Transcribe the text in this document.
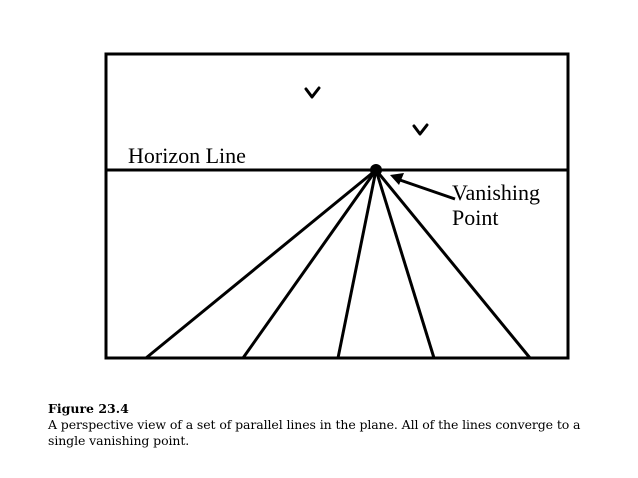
Horizon Line
Vanishing
Point
Figure 23.4
A perspective view of a set of parallel lines in the plane. All of the lines converge to a single vanishing point.
